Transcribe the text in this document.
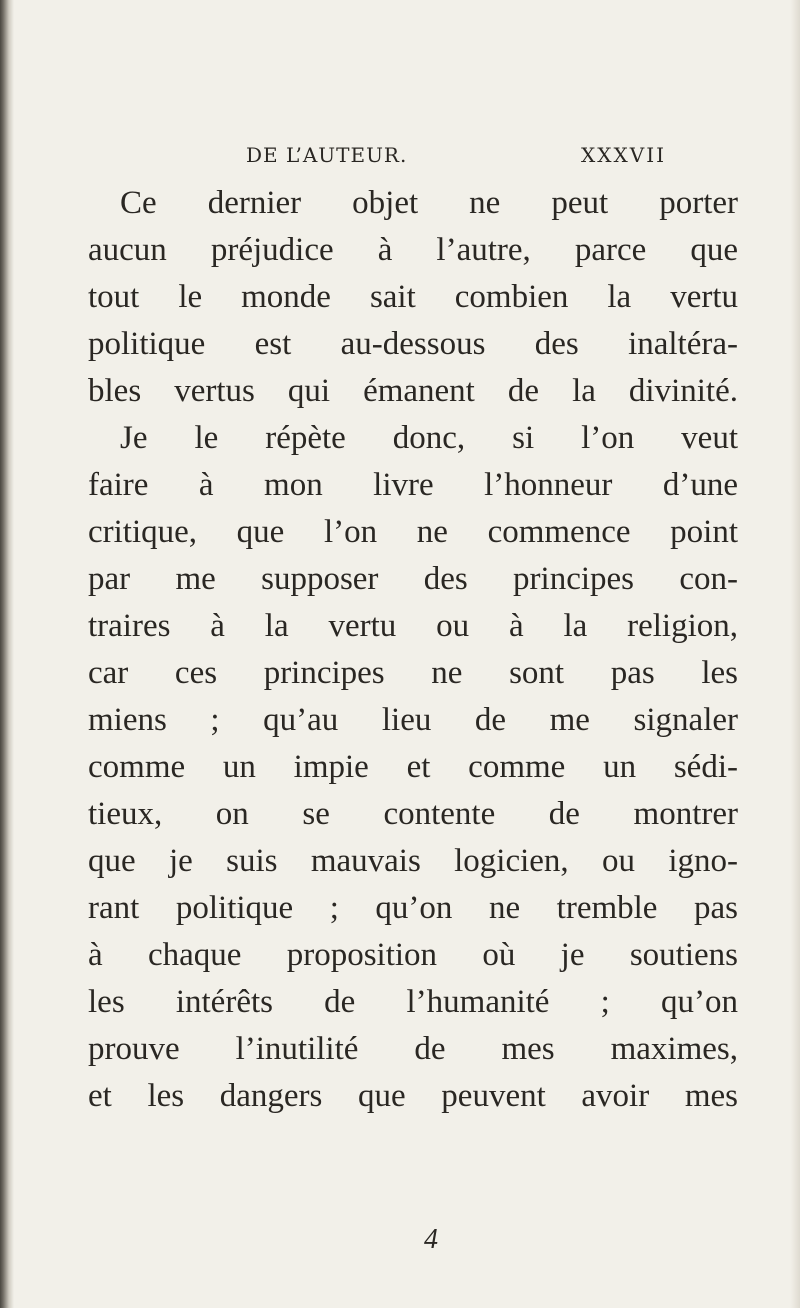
DE L’AUTEUR.	XXXVII
Ce dernier objet ne peut porter
aucun préjudice à l’autre, parce que
tout le monde sait combien la vertu
politique est au-dessous des inaltéra-
bles vertus qui émanent de la divinité.
Je le répète donc, si l’on veut
faire à mon livre l’honneur d’une
critique, que l’on ne commence point
par me supposer des principes con-
traires à la vertu ou à la religion,
car ces principes ne sont pas les
miens ; qu’au lieu de me signaler
comme un impie et comme un sédi-
tieux, on se contente de montrer
que je suis mauvais logicien, ou igno-
rant politique ; qu’on ne tremble pas
à chaque proposition où je soutiens
les intérêts de l’humanité ; qu’on
prouve l’inutilité de mes maximes,
et les dangers que peuvent avoir mes
4
